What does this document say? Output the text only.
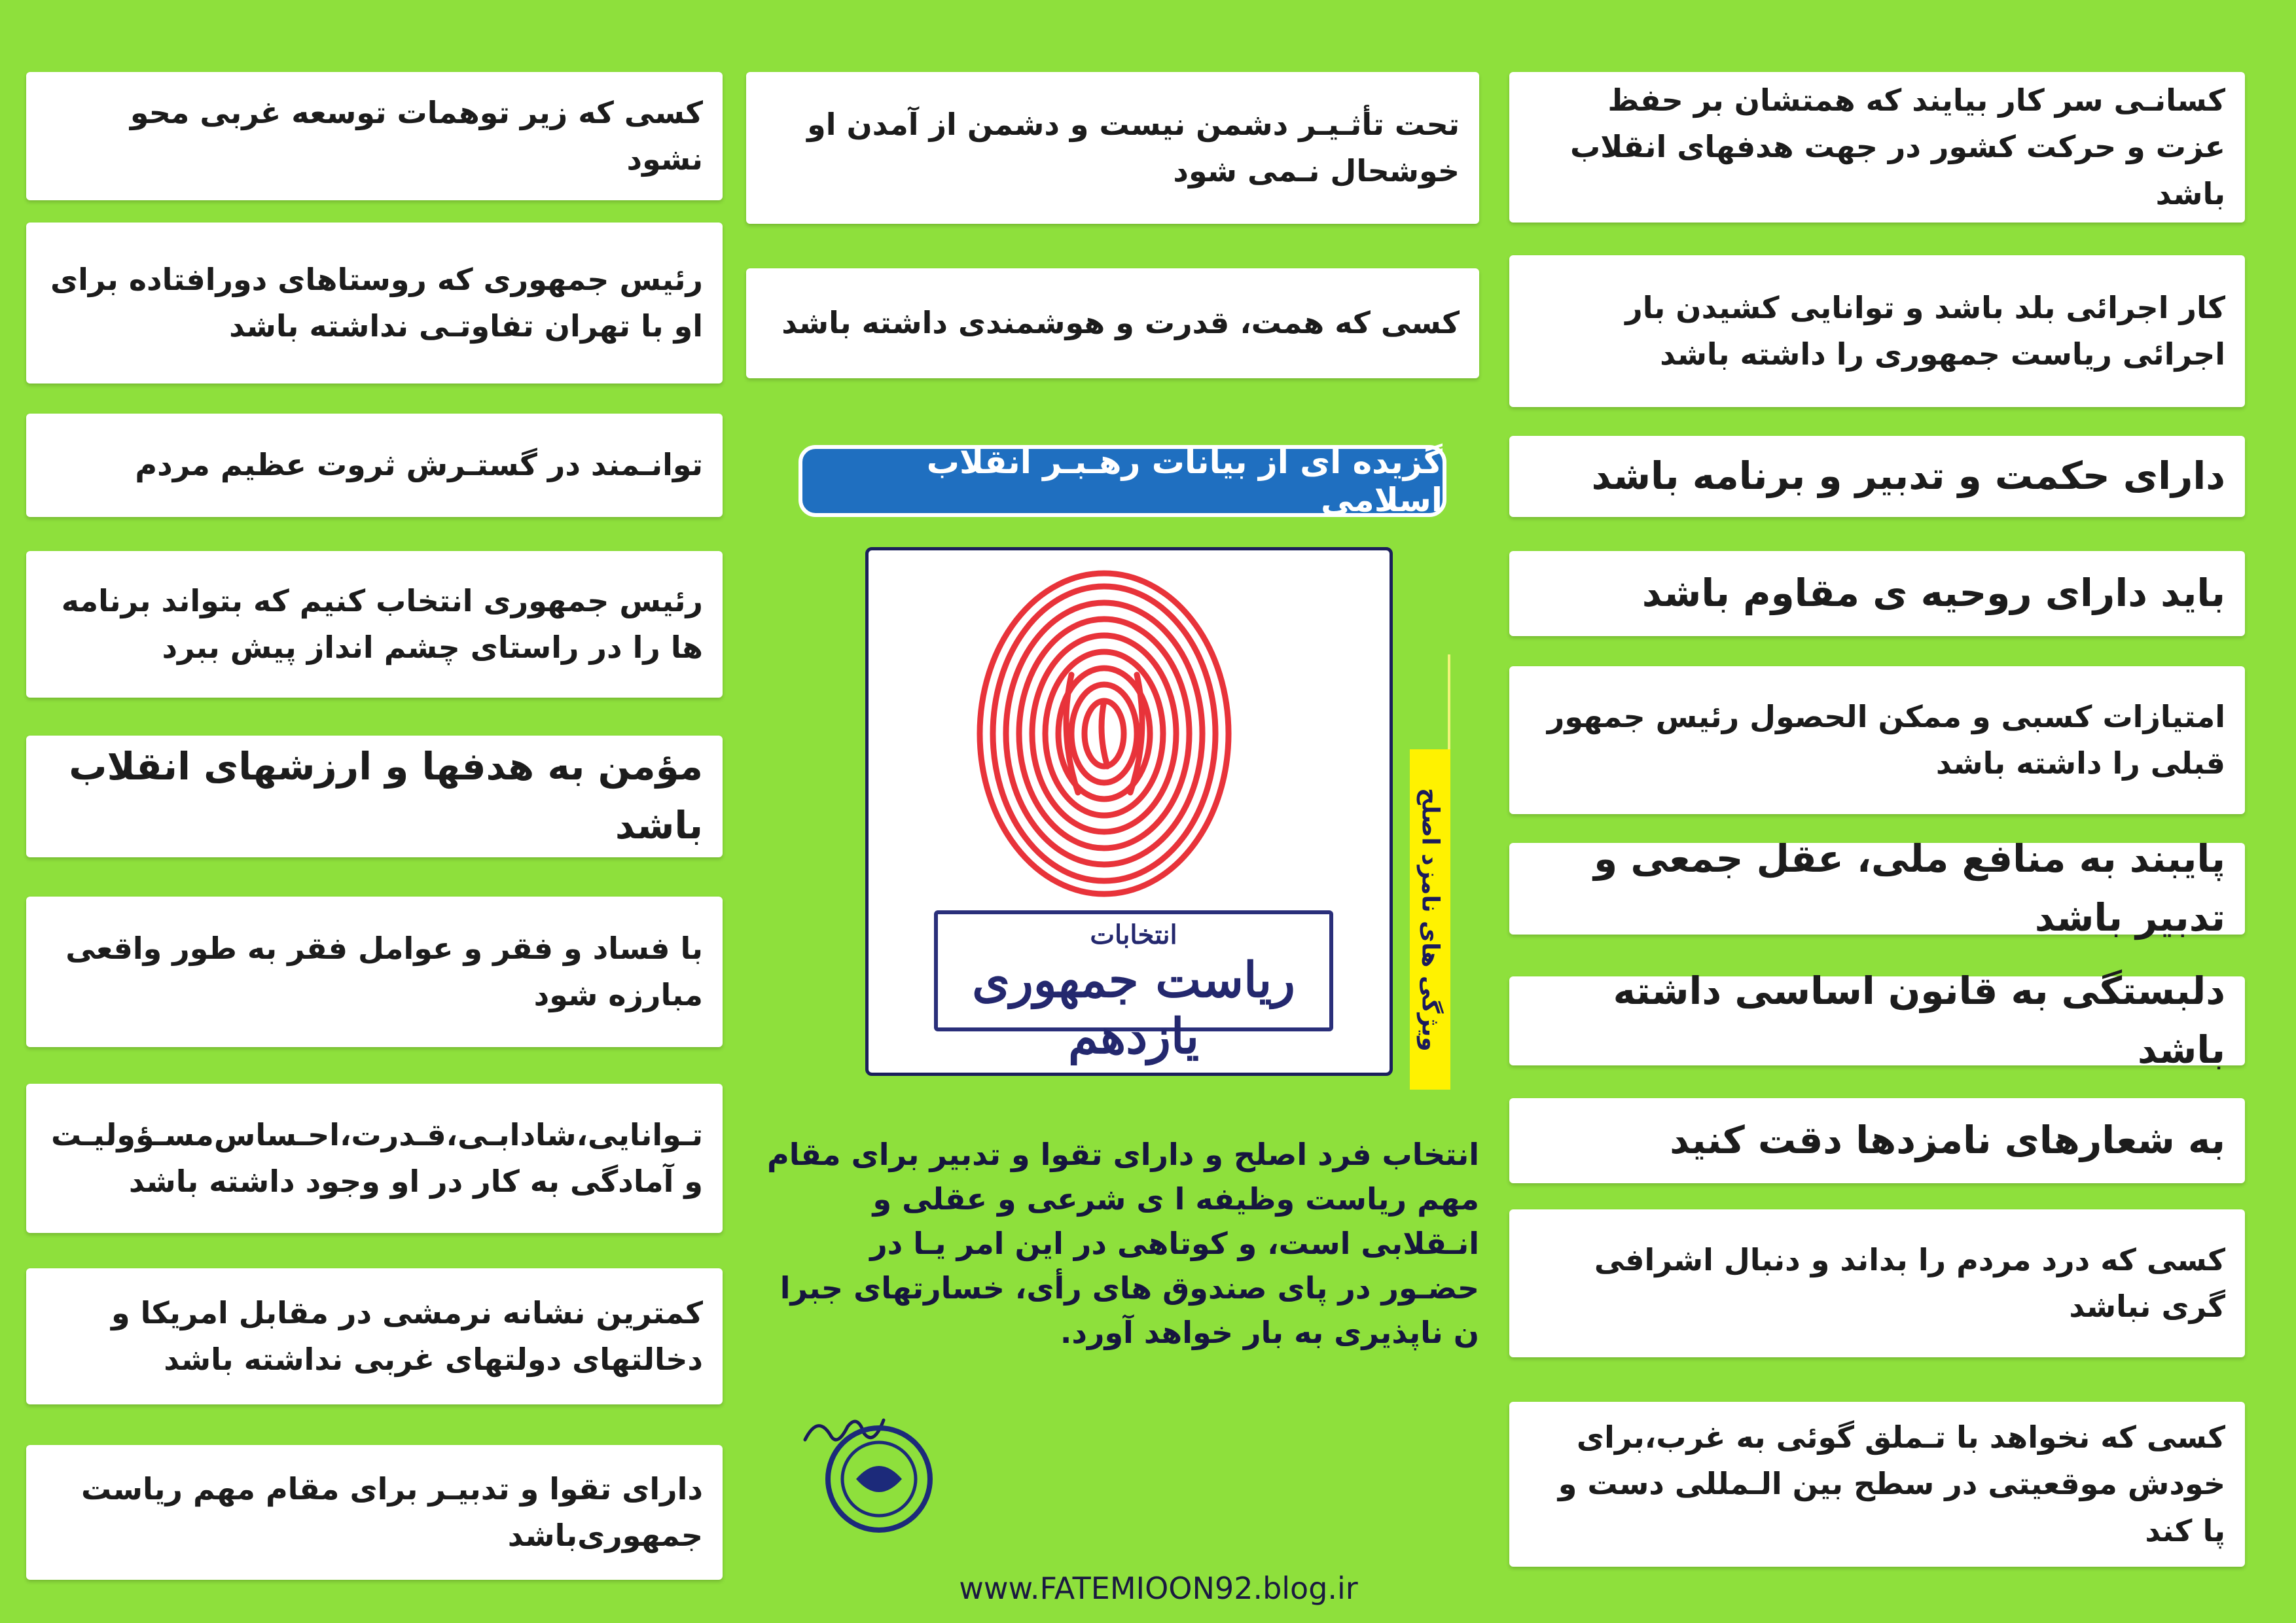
کسی که زیر توهمات توسعه غربی محو نشود
رئیس جمهوری که روستاهای دورافتاده برای او با تهران تفاوتـی نداشته باشد
توانـمند در گستـرش ثروت عظیم مردم
رئیس جمهوری انتخاب کنیم که بتواند برنامه ها را در راستای چشم انداز پیش ببرد
مؤمن به هدفها و ارزشهای انقلاب باشد
با فساد و فقر و عوامل فقر به طور واقعی مبارزه شود
تـوانایی،شادابـی،قـدرت،احـساس‌مسـؤولیـت و آمادگی به کار در او وجود داشته باشد
کمترین نشانه نرمشی در مقابل امریکا و دخالتهای دولتهای غربی نداشته باشد
دارای تقوا و تدبیـر برای مقام مهم ریاست جمهوری‌باشد
تحت تأثـیـر دشمن نیست و دشمن از آمدن او خوشحال نـمی شود
کسی که همت، قدرت و هوشمندی داشته باشد
کسانـی سر کار بیایند که همتشان بر حفظ عزت و حرکت کشور در جهت هدفهای انقلاب باشد
کار اجرائی بلد باشد و توانایی کشیدن بار اجرائی ریاست جمهوری را داشته باشد
دارای حکمت و تدبیر و برنامه باشد
باید دارای روحیه ی مقاوم باشد
امتیازات کسبی و ممکن الحصول رئیس جمهور قبلی را داشته باشد
پایبند به منافع ملی، عقل جمعی و تدبیر باشد
دلبستگی به قانون اساسی داشته باشد
به شعارهای نامزدها دقت کنید
کسی که درد مردم را بداند و دنبال اشرافی گری نباشد
کسی که نخواهد با تـملق گوئی به غرب،برای خودش موقعیتی در سطح بین الـمللی دست و پا کند
گزیده ای از بیانات رهـبـر انقلاب اسلامی
انتخابات
ریاست جمهوری یازدهم	ویژگی های نامزد اصلح
انتخاب فرد اصلح و دارای تقوا و تدبیر برای مقام مهم ریاست وظیفه ا ی شرعی و عقلی و انـقلابی است، و کوتاهی در این امر یـا در حضـور در پای صندوق های رأی، خسارتهای جبرا ن ناپذیری به بار خواهد آورد.
www.FATEMIOON92.blog.ir
